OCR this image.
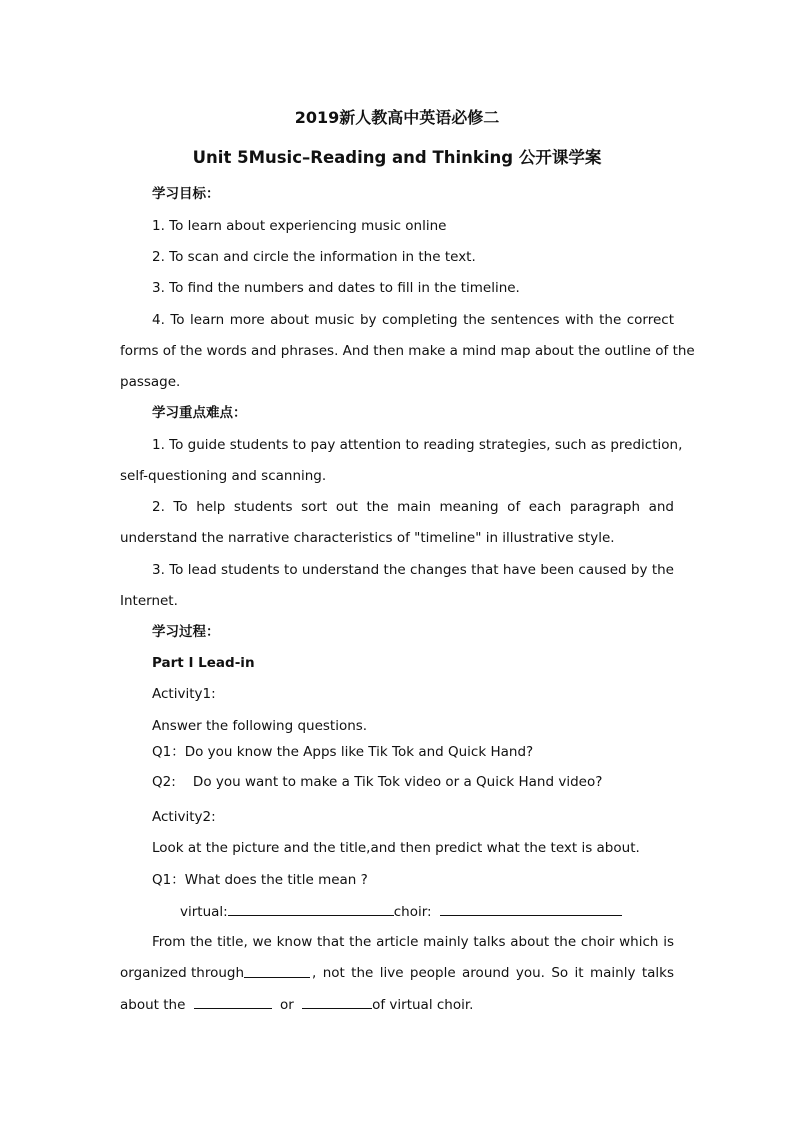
2019新人教高中英语必修二
Unit 5Music–Reading and Thinking 公开课学案
学习目标：
1. To learn about experiencing music online
2. To scan and circle the information in the text.
3. To find the numbers and dates to fill in the timeline.
4. To learn more about music by completing the sentences with the correct
forms of the words and phrases. And then make a mind map about the outline of the
passage.
学习重点难点：
1. To guide students to pay attention to reading strategies, such as prediction,
self-questioning and scanning.
2. To help students sort out the main meaning of each paragraph and
understand the narrative characteristics of "timeline" in illustrative style.
3. To lead students to understand the changes that have been caused by the
Internet.
学习过程：
Part Ⅰ Lead-in
Activity1:
Answer the following questions.
Q1：Do you know the Apps like Tik Tok and Quick Hand?
Q2:    Do you want to make a Tik Tok video or a Quick Hand video?
Activity2:
Look at the picture and the title,and then predict what the text is about.
Q1：What does the title mean ?
virtual:	choir:
From the title, we know that the article mainly talks about the choir which is
organized through	, not the live people around you. So it mainly talks
about the	or	of virtual choir.
